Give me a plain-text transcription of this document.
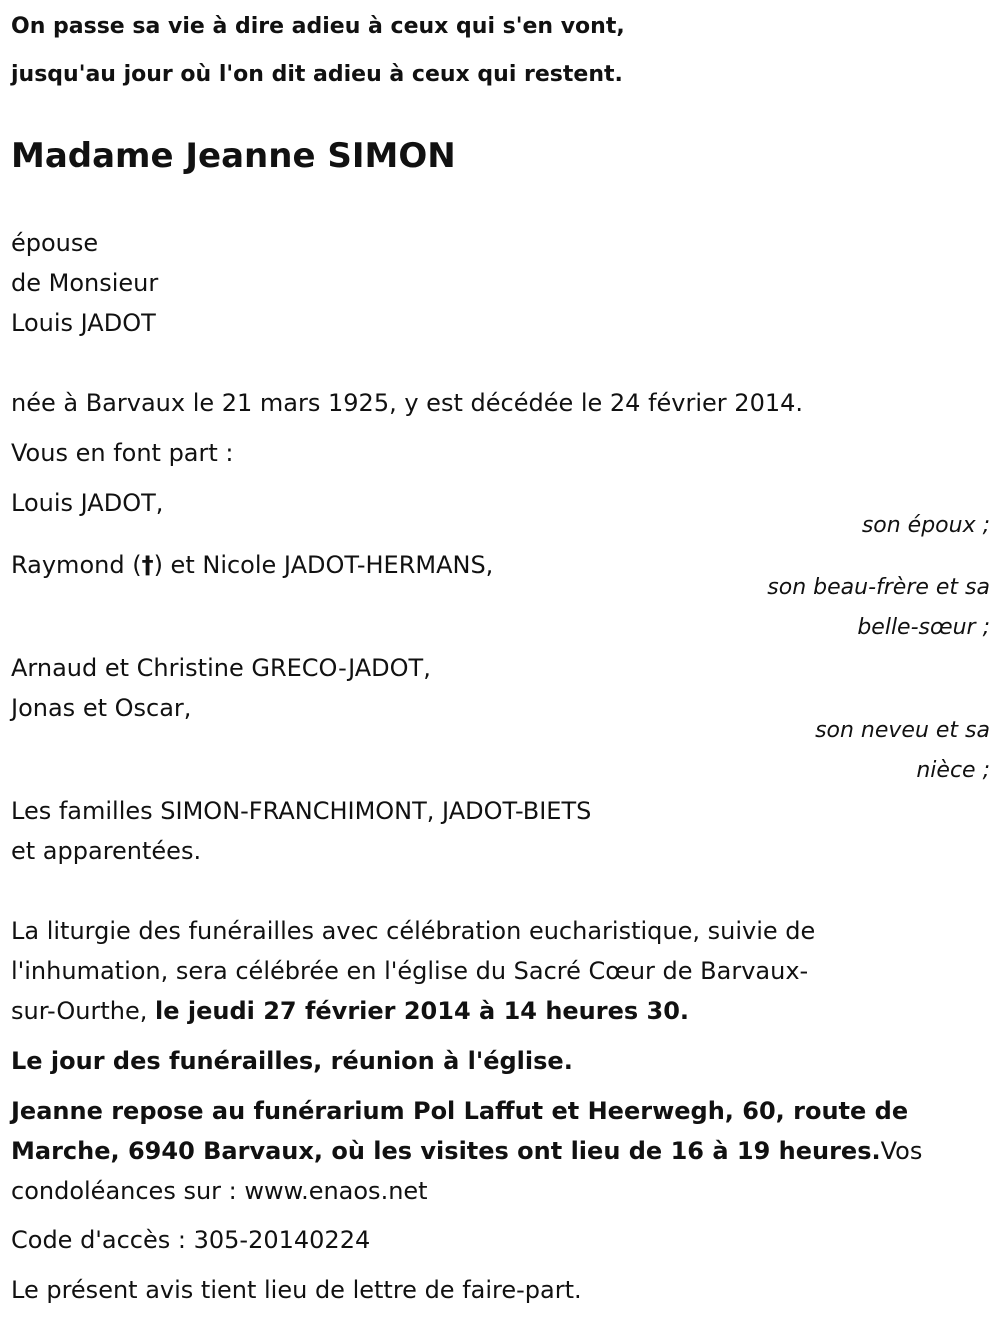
On passe sa vie à dire adieu à ceux qui s'en vont,
jusqu'au jour où l'on dit adieu à ceux qui restent.
Madame Jeanne SIMON
épouse
de Monsieur
Louis JADOT
née à Barvaux le 21 mars 1925, y est décédée le 24 février 2014.
Vous en font part :
Louis JADOT,
son époux ;
Raymond (†) et Nicole JADOT-HERMANS,
son beau-frère et sa
belle-sœur ;
Arnaud et Christine GRECO-JADOT,
Jonas et Oscar,
son neveu et sa
nièce ;
Les familles SIMON-FRANCHIMONT, JADOT-BIETS
et apparentées.
La liturgie des funérailles avec célébration eucharistique, suivie de
l'inhumation, sera célébrée en l'église du Sacré Cœur de Barvaux-
sur-Ourthe, le jeudi 27 février 2014 à 14 heures 30.
Le jour des funérailles, réunion à l'église.
Jeanne repose au funérarium Pol Laffut et Heerwegh, 60, route de
Marche, 6940 Barvaux, où les visites ont lieu de 16 à 19 heures.Vos
condoléances sur : www.enaos.net
Code d'accès : 305-20140224
Le présent avis tient lieu de lettre de faire-part.
